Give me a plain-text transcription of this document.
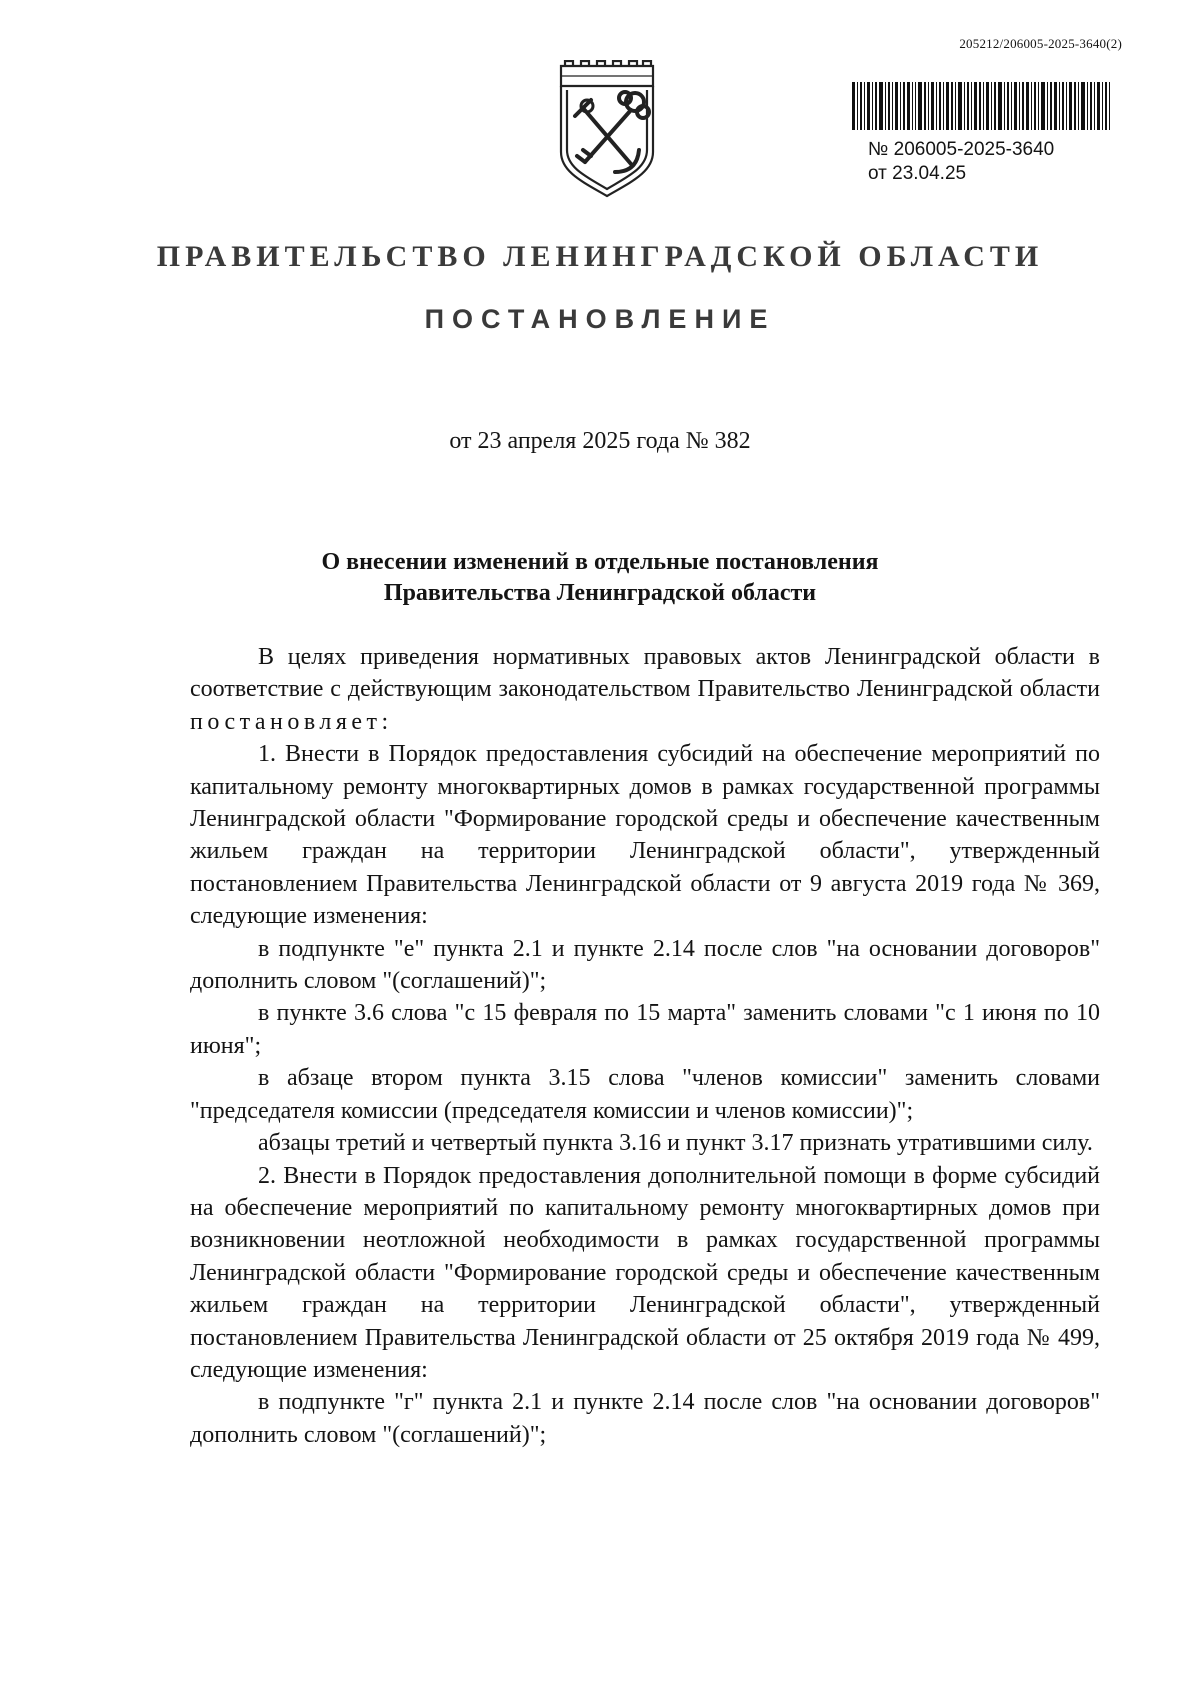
205212/206005-2025-3640(2)
№ 206005-2025-3640
от 23.04.25
ПРАВИТЕЛЬСТВО ЛЕНИНГРАДСКОЙ ОБЛАСТИ
ПОСТАНОВЛЕНИЕ
от 23 апреля 2025 года № 382
О внесении изменений в отдельные постановления
Правительства Ленинградской области

В целях приведения нормативных правовых актов Ленинградской области в соответствие с действующим законодательством Правительство Ленинградской области постановляет:

1. Внести в Порядок предоставления субсидий на обеспечение мероприятий по капитальному ремонту многоквартирных домов в рамках государственной программы Ленинградской области "Формирование городской среды и обеспечение качественным жильем граждан на территории Ленинградской области", утвержденный постановлением Правительства Ленинградской области от 9 августа 2019 года № 369, следующие изменения:

в подпункте "е" пункта 2.1 и пункте 2.14 после слов "на основании договоров" дополнить словом "(соглашений)";

в пункте 3.6 слова "с 15 февраля по 15 марта" заменить словами "с 1 июня по 10 июня";

в абзаце втором пункта 3.15 слова "членов комиссии" заменить словами "председателя комиссии (председателя комиссии и членов комиссии)";

абзацы третий и четвертый пункта 3.16 и пункт 3.17 признать утратившими силу.

2. Внести в Порядок предоставления дополнительной помощи в форме субсидий на обеспечение мероприятий по капитальному ремонту многоквартирных домов при возникновении неотложной необходимости в рамках государственной программы Ленинградской области "Формирование городской среды и обеспечение качественным жильем граждан на территории Ленинградской области", утвержденный постановлением Правительства Ленинградской области от 25 октября 2019 года № 499, следующие изменения:

в подпункте "г" пункта 2.1 и пункте 2.14 после слов "на основании договоров" дополнить словом "(соглашений)";
